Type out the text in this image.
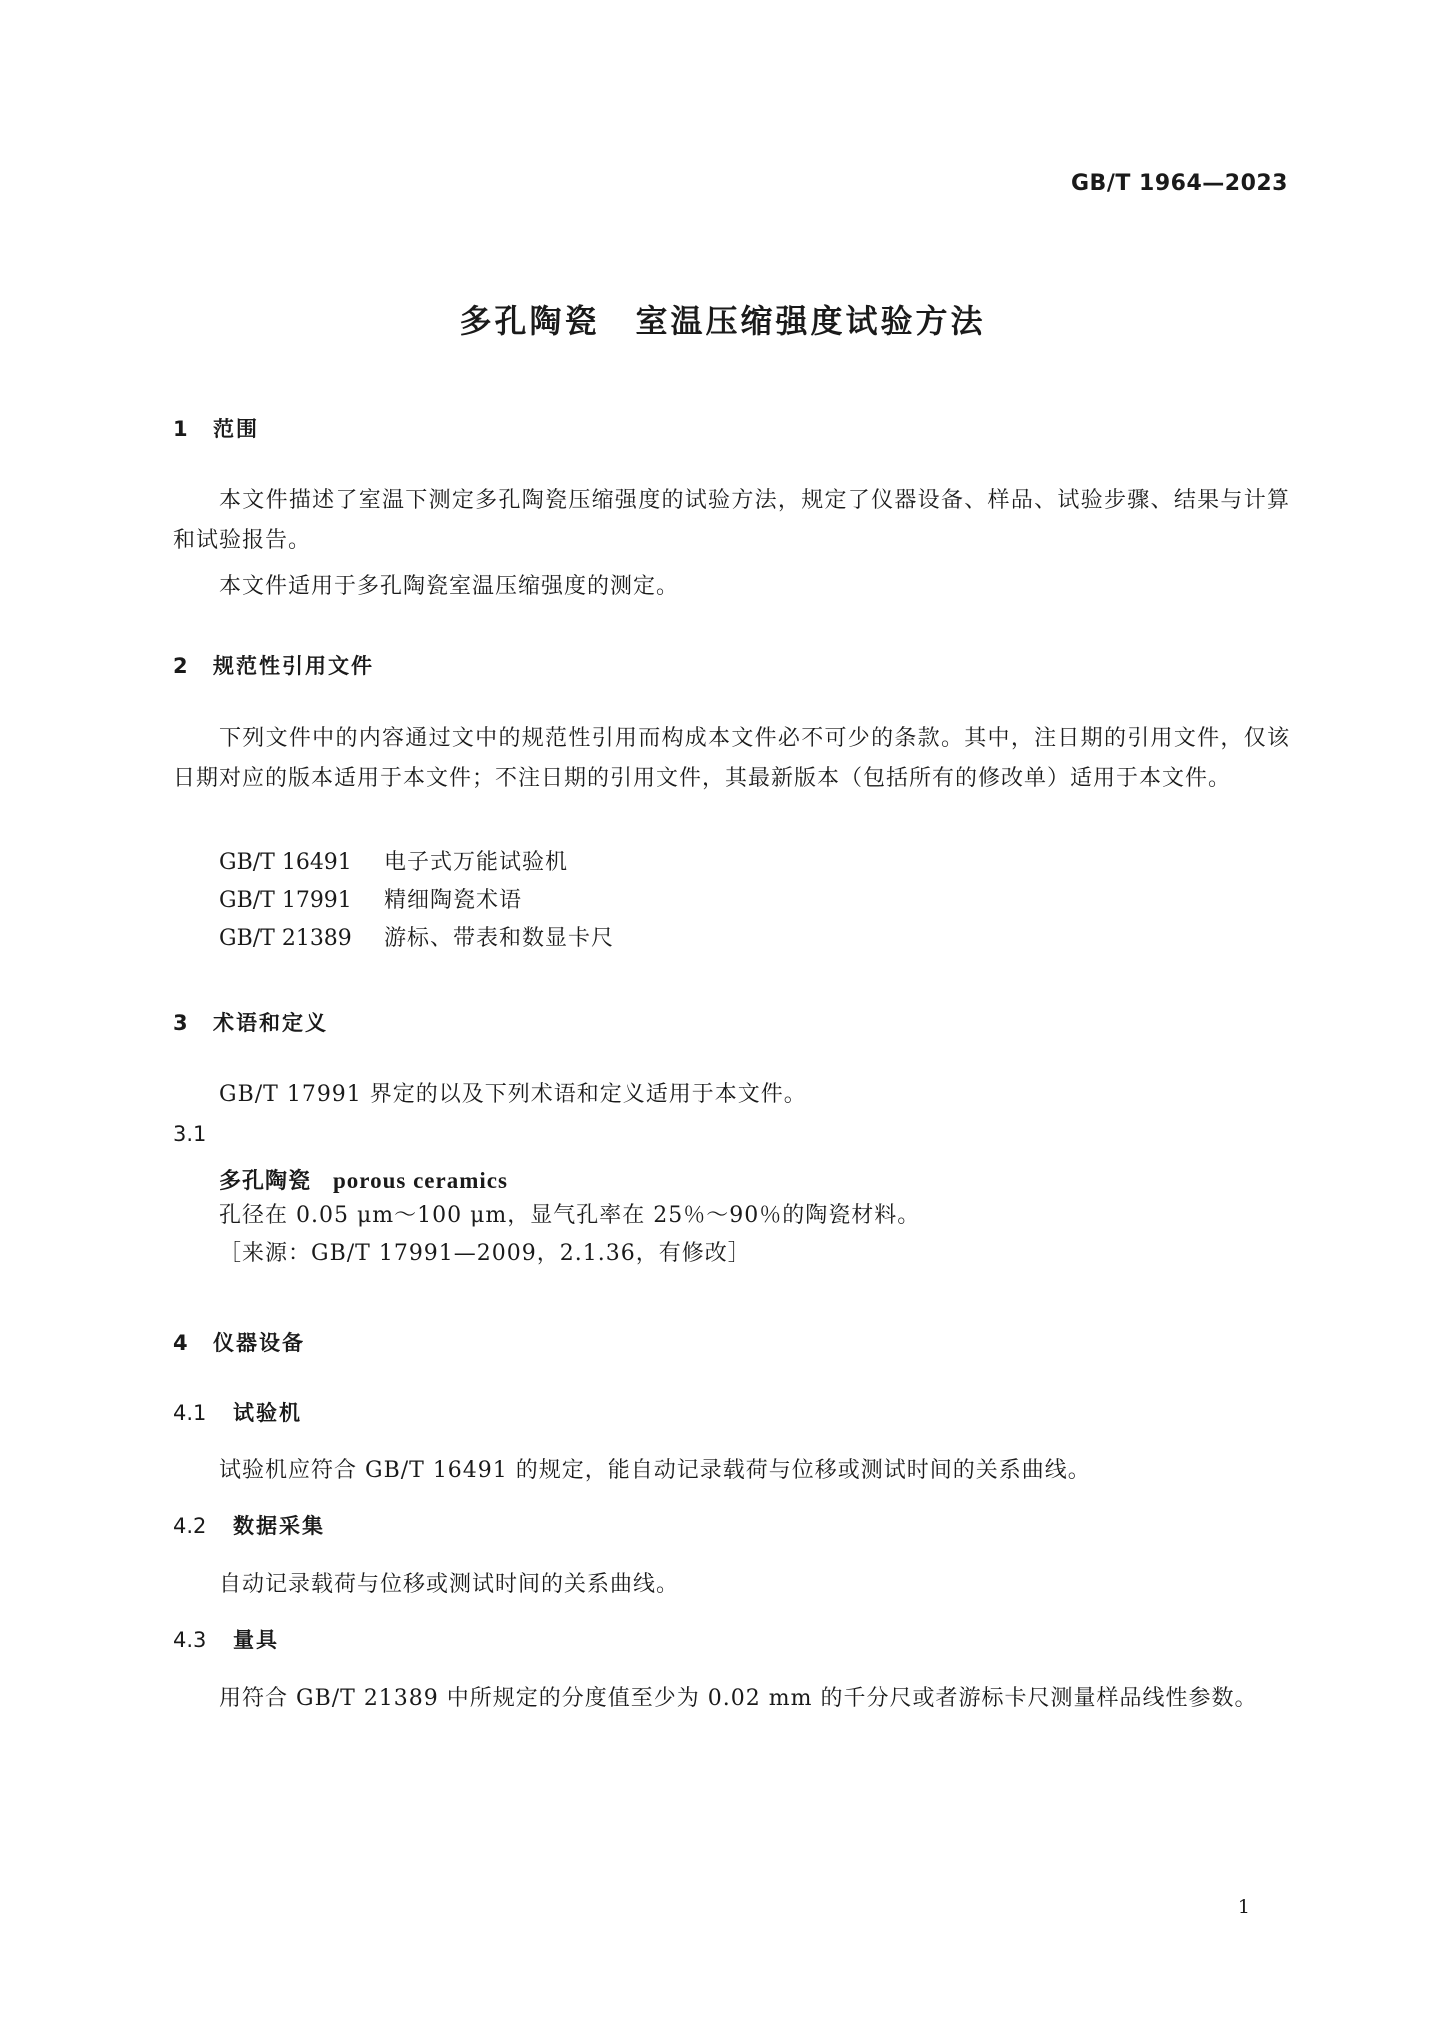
GB/T 1964—2023

多孔陶瓷 室温压缩强度试验方法
1 范围

本文件描述了室温下测定多孔陶瓷压缩强度的试验方法，规定了仪器设备、样品、试验步骤、结果与计算和试验报告。

本文件适用于多孔陶瓷室温压缩强度的测定。

2 规范性引用文件

下列文件中的内容通过文中的规范性引用而构成本文件必不可少的条款。其中，注日期的引用文件，仅该日期对应的版本适用于本文件；不注日期的引用文件，其最新版本（包括所有的修改单）适用于本文件。

GB/T 16491 电子式万能试验机

GB/T 17991 精细陶瓷术语

GB/T 21389 游标、带表和数显卡尺

3 术语和定义

GB/T 17991 界定的以及下列术语和定义适用于本文件。

3.1

多孔陶瓷 porous ceramics

孔径在 0.05 μm～100 μm，显气孔率在 25％～90％的陶瓷材料。

［来源：GB/T 17991—2009，2.1.36，有修改］

4 仪器设备
4.1 试验机

试验机应符合 GB/T 16491 的规定，能自动记录载荷与位移或测试时间的关系曲线。

4.2 数据采集

自动记录载荷与位移或测试时间的关系曲线。

4.3 量具

用符合 GB/T 21389 中所规定的分度值至少为 0.02 mm 的千分尺或者游标卡尺测量样品线性参数。

1
